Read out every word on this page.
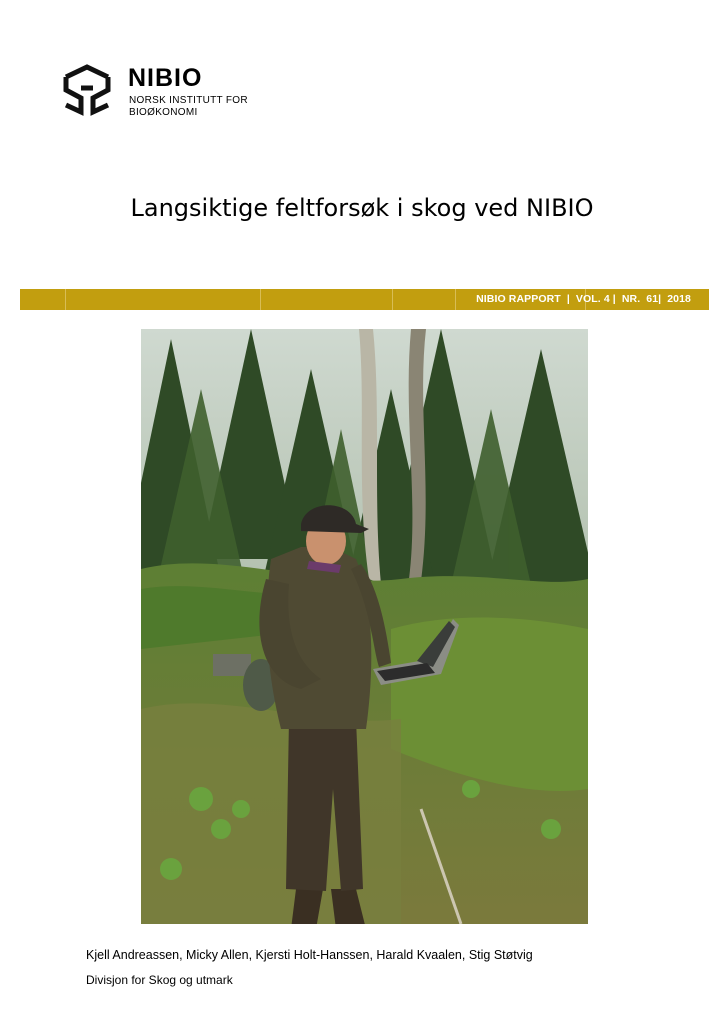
NIBIO
NORSK INSTITUTT FOR
BIOØKONOMI
Langsiktige feltforsøk i skog ved NIBIO
NIBIO RAPPORT  |  VOL. 4 |  NR.  61|  2018
Kjell Andreassen, Micky Allen, Kjersti Holt-Hanssen, Harald Kvaalen, Stig Støtvig
Divisjon for Skog og utmark
